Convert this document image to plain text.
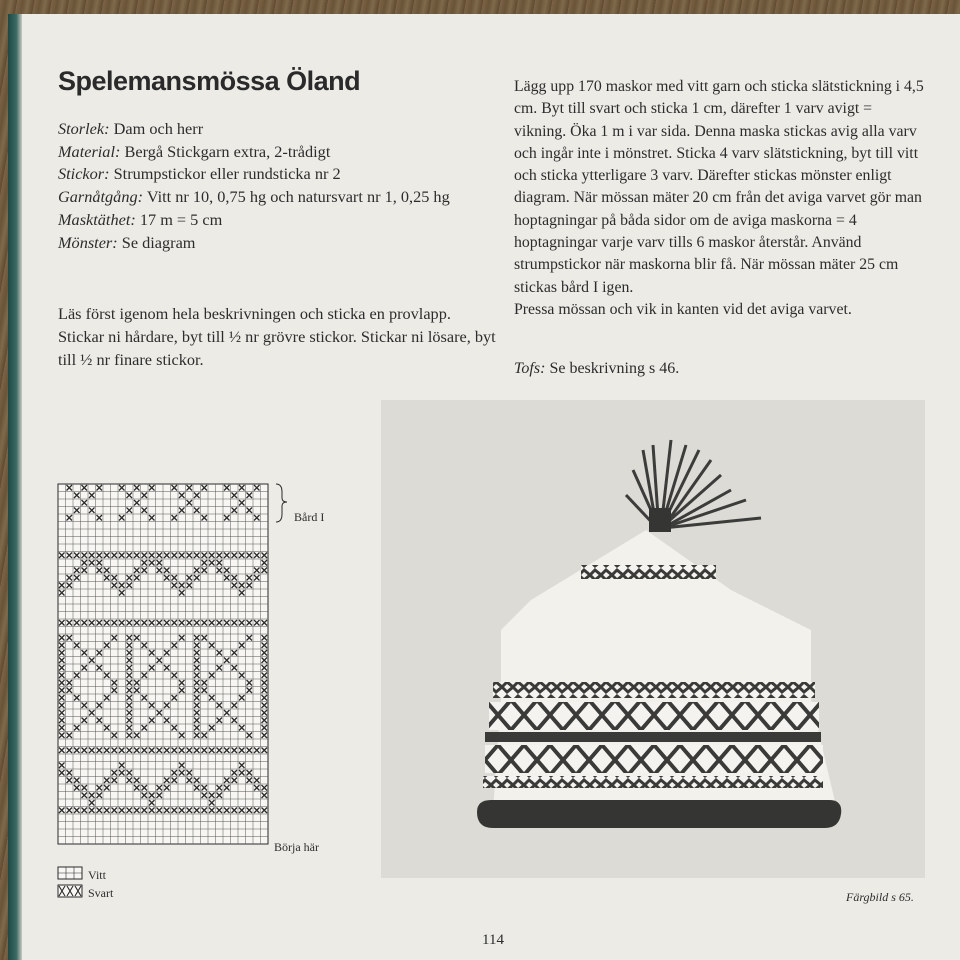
Spelemansmössa Öland
Storlek: Dam och herr
Material: Bergå Stickgarn extra, 2-trådigt
Stickor: Strumpstickor eller rundsticka nr 2
Garnåtgång: Vitt nr 10, 0,75 hg och natursvart nr 1, 0,25 hg
Masktäthet: 17 m = 5 cm
Mönster: Se diagram
Läs först igenom hela beskrivningen och sticka en provlapp. Stickar ni hårdare, byt till ½ nr grövre stickor. Stickar ni lösare, byt till ½ nr finare stickor.

Lägg upp 170 maskor med vitt garn och sticka slätstickning i 4,5 cm. Byt till svart och sticka 1 cm, därefter 1 varv avigt = vikning. Öka 1 m i var sida. Denna maska stickas avig alla varv och ingår inte i mönstret. Sticka 4 varv slätstickning, byt till vitt och sticka ytterligare 3 varv. Därefter stickas mönster enligt diagram. När mössan mäter 20 cm från det aviga varvet gör man hoptagningar på båda sidor om de aviga maskorna = 4 hoptagningar varje varv tills 6 maskor återstår. Använd strumpstickor när maskorna blir få. När mössan mäter 25 cm stickas bård I igen.

Pressa mössan och vik in kanten vid det aviga varvet.

Tofs: Se beskrivning s 46.
Bård I
Börja här
Vitt
Svart	Färgbild s 65.
114
